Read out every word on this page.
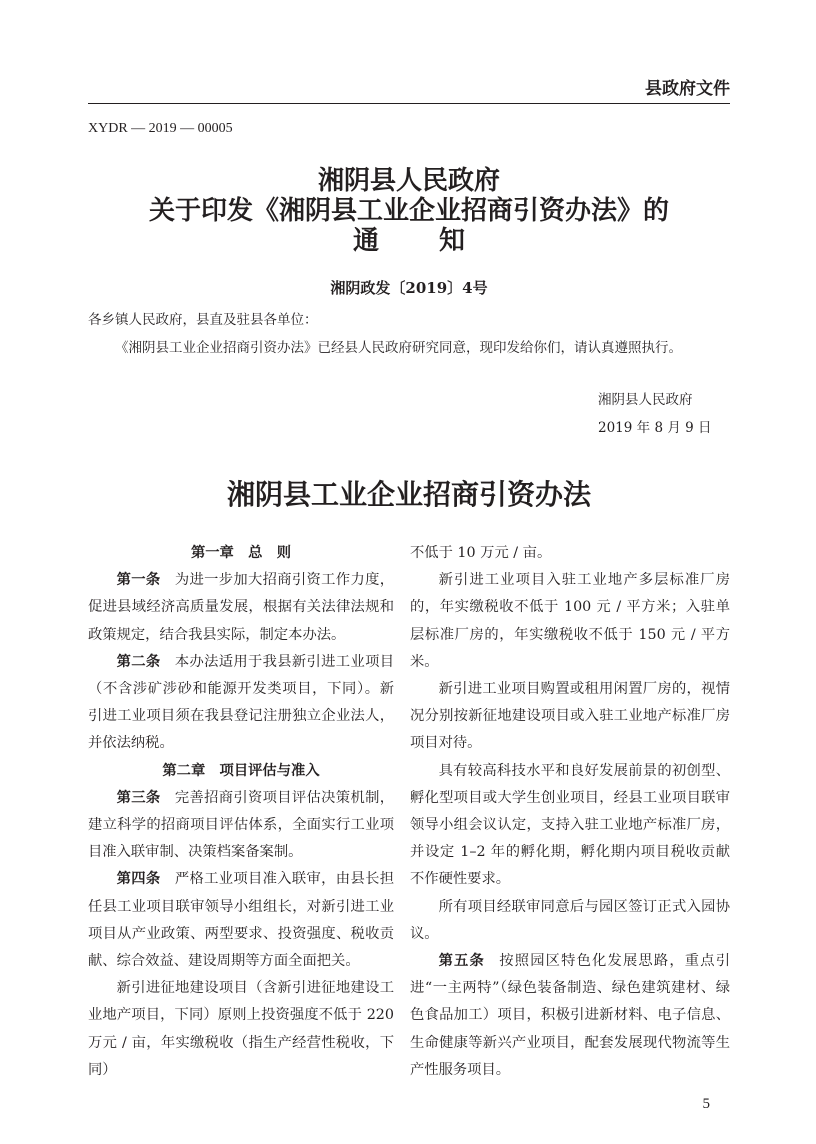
县政府文件
XYDR — 2019 — 00005
湘阴县人民政府
关于印发《湘阴县工业企业招商引资办法》的
通知
湘阴政发〔2019〕4号
各乡镇人民政府，县直及驻县各单位：
《湘阴县工业企业招商引资办法》已经县人民政府研究同意，现印发给你们，请认真遵照执行。
湘阴县人民政府
2019 年 8 月 9 日
湘阴县工业企业招商引资办法
第一章　总　则

第一条 为进一步加大招商引资工作力度，促进县域经济高质量发展，根据有关法律法规和政策规定，结合我县实际，制定本办法。

第二条 本办法适用于我县新引进工业项目（不含涉矿涉砂和能源开发类项目，下同）。新引进工业项目须在我县登记注册独立企业法人，并依法纳税。

第二章　项目评估与准入

第三条 完善招商引资项目评估决策机制，建立科学的招商项目评估体系，全面实行工业项目准入联审制、决策档案备案制。

第四条 严格工业项目准入联审，由县长担任县工业项目联审领导小组组长，对新引进工业项目从产业政策、两型要求、投资强度、税收贡献、综合效益、建设周期等方面全面把关。

新引进征地建设项目（含新引进征地建设工业地产项目，下同）原则上投资强度不低于 220 万元 / 亩，年实缴税收（指生产经营性税收，下同）

不低于 10 万元 / 亩。

新引进工业项目入驻工业地产多层标准厂房的，年实缴税收不低于 100 元 / 平方米；入驻单层标准厂房的，年实缴税收不低于 150 元 / 平方米。

新引进工业项目购置或租用闲置厂房的，视情况分别按新征地建设项目或入驻工业地产标准厂房项目对待。

具有较高科技水平和良好发展前景的初创型、孵化型项目或大学生创业项目，经县工业项目联审领导小组会议认定，支持入驻工业地产标准厂房，并设定 1–2 年的孵化期，孵化期内项目税收贡献不作硬性要求。

所有项目经联审同意后与园区签订正式入园协议。

第五条 按照园区特色化发展思路，重点引进“一主两特”（绿色装备制造、绿色建筑建材、绿色食品加工）项目，积极引进新材料、电子信息、生命健康等新兴产业项目，配套发展现代物流等生产性服务项目。

5
